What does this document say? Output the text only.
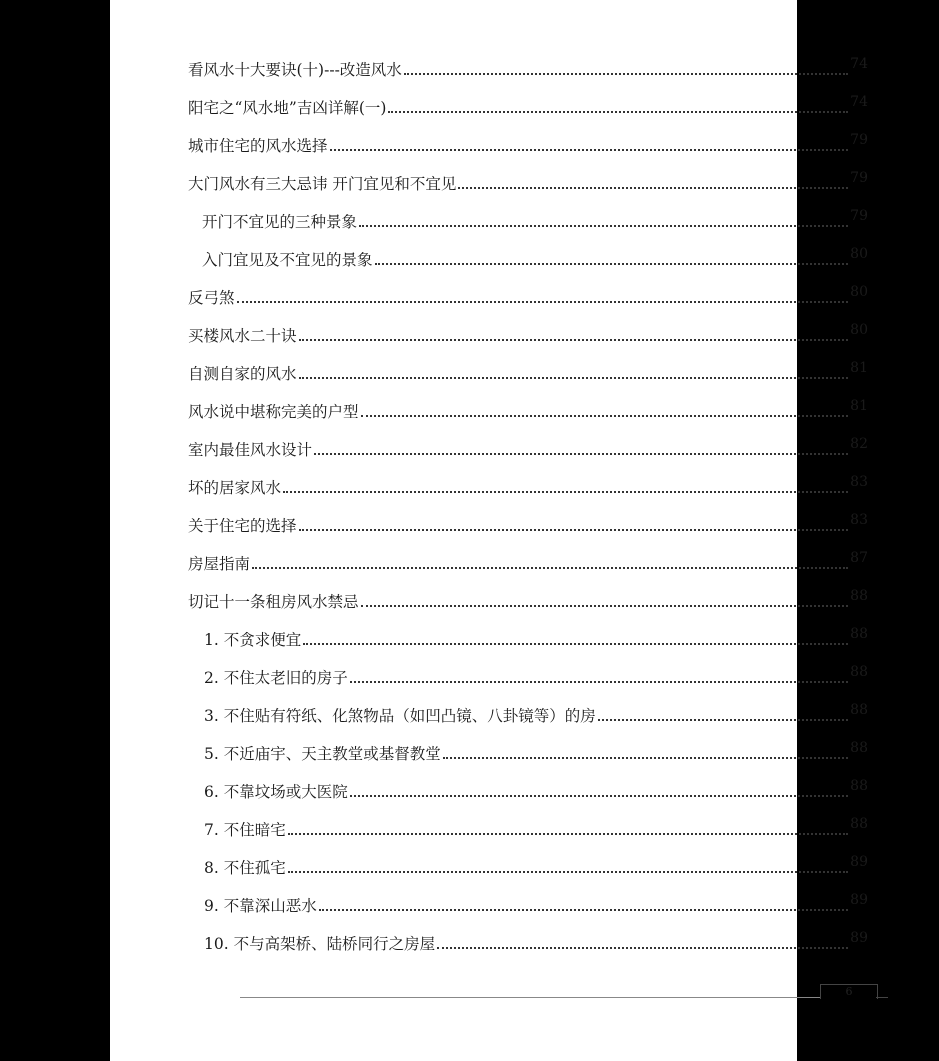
看风水十大要诀(十)---改造风水	74
阳宅之“风水地”吉凶详解(一)	74
城市住宅的风水选择	79
大门风水有三大忌讳 开门宜见和不宜见	79
开门不宜见的三种景象	79
入门宜见及不宜见的景象	80
反弓煞	80
买楼风水二十诀	80
自测自家的风水	81
风水说中堪称完美的户型	81
室内最佳风水设计	82
坏的居家风水	83
关于住宅的选择	83
房屋指南	87
切记十一条租房风水禁忌	88
1. 不贪求便宜	88
2. 不住太老旧的房子	88
3. 不住贴有符纸、化煞物品（如凹凸镜、八卦镜等）的房	88
5. 不近庙宇、天主教堂或基督教堂	88
6. 不靠坟场或大医院	88
7. 不住暗宅	88
8. 不住孤宅	89
9. 不靠深山恶水	89
10. 不与高架桥、陆桥同行之房屋	89
6
